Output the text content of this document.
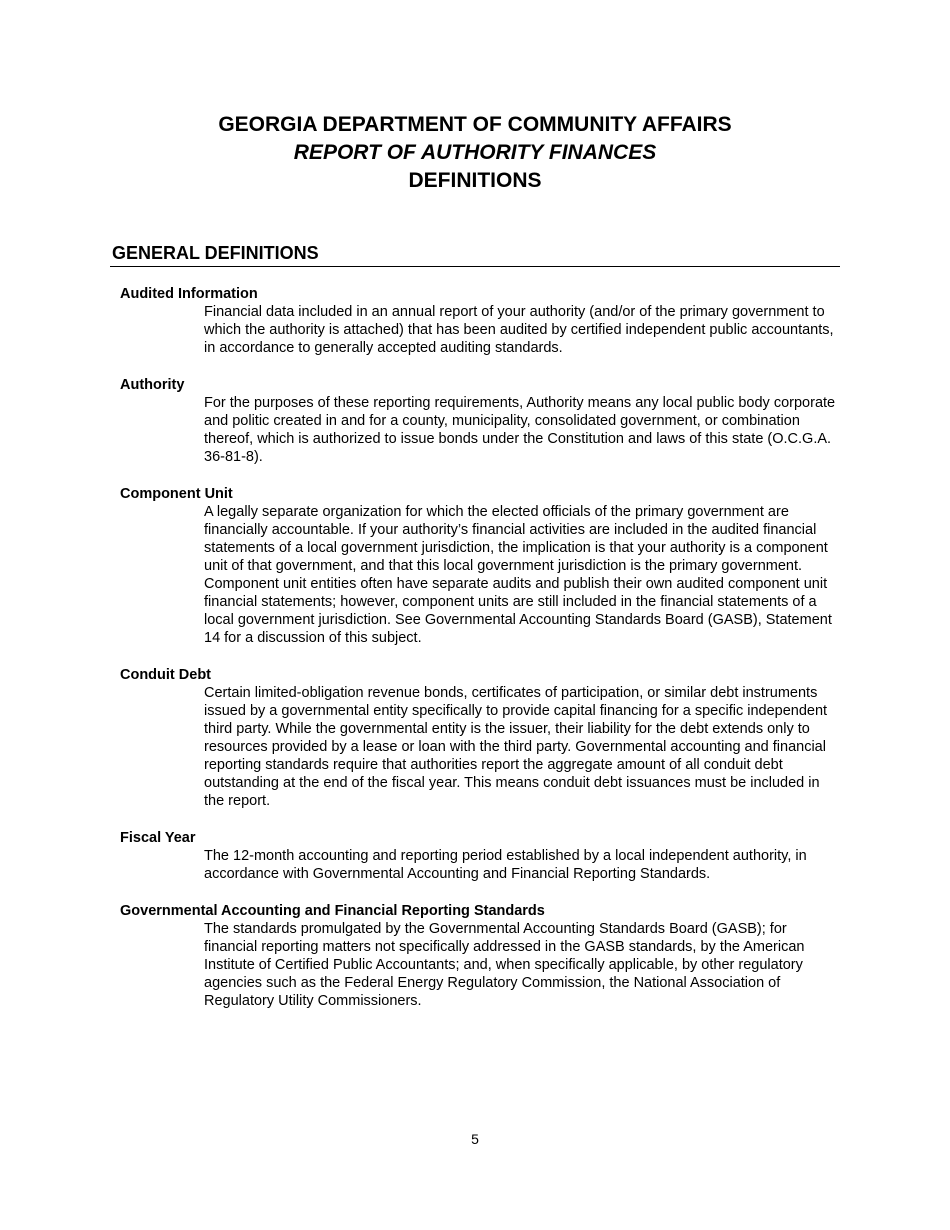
GEORGIA DEPARTMENT OF COMMUNITY AFFAIRS
REPORT OF AUTHORITY FINANCES
DEFINITIONS
GENERAL DEFINITIONS
Audited Information
Financial data included in an annual report of your authority (and/or of the primary government to which the authority is attached) that has been audited by certified independent public accountants, in accordance to generally accepted auditing standards.
Authority
For the purposes of these reporting requirements, Authority means any local public body corporate and politic created in and for a county, municipality, consolidated government, or combination thereof, which is authorized to issue bonds under the Constitution and laws of this state (O.C.G.A. 36-81-8).
Component Unit
A legally separate organization for which the elected officials of the primary government are financially accountable. If your authority’s financial activities are included in the audited financial statements of a local government jurisdiction, the implication is that your authority is a component unit of that government, and that this local government jurisdiction is the primary government. Component unit entities often have separate audits and publish their own audited component unit financial statements; however, component units are still included in the financial statements of a local government jurisdiction. See Governmental Accounting Standards Board (GASB), Statement 14 for a discussion of this subject.
Conduit Debt
Certain limited-obligation revenue bonds, certificates of participation, or similar debt instruments issued by a governmental entity specifically to provide capital financing for a specific independent third party. While the governmental entity is the issuer, their liability for the debt extends only to resources provided by a lease or loan with the third party. Governmental accounting and financial reporting standards require that authorities report the aggregate amount of all conduit debt outstanding at the end of the fiscal year. This means conduit debt issuances must be included in the report.
Fiscal Year
The 12-month accounting and reporting period established by a local independent authority, in accordance with Governmental Accounting and Financial Reporting Standards.
Governmental Accounting and Financial Reporting Standards
The standards promulgated by the Governmental Accounting Standards Board (GASB); for financial reporting matters not specifically addressed in the GASB standards, by the American Institute of Certified Public Accountants; and, when specifically applicable, by other regulatory agencies such as the Federal Energy Regulatory Commission, the National Association of Regulatory Utility Commissioners.
5
